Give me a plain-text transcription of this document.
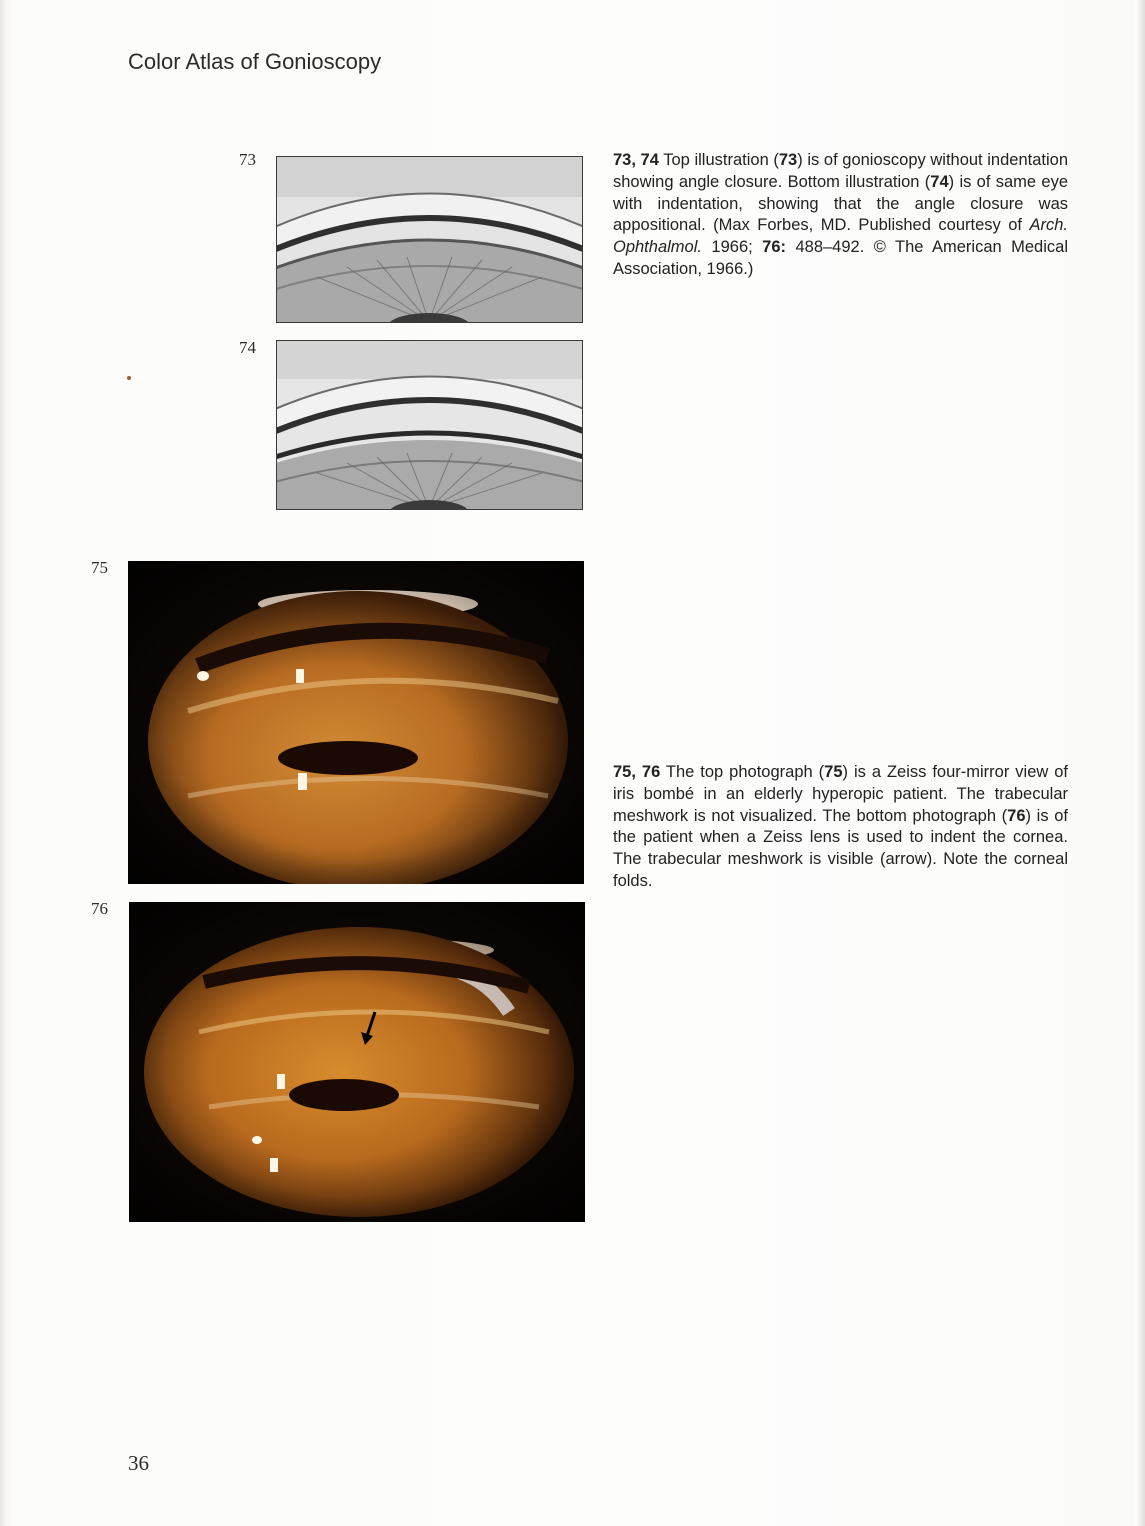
Color Atlas of Gonioscopy
73
74
73, 74 Top illustration (73) is of gonioscopy without indentation showing angle closure. Bottom illustration (74) is of same eye with indentation, showing that the angle closure was appositional. (Max Forbes, MD. Published courtesy of Arch. Ophthalmol. 1966; 76: 488–492. © The American Medical Association, 1966.)
75
75, 76 The top photograph (75) is a Zeiss four-mirror view of iris bombé in an elderly hyperopic patient. The trabecular meshwork is not visualized. The bottom photograph (76) is of the patient when a Zeiss lens is used to indent the cornea. The trabecular meshwork is visible (arrow). Note the corneal folds.
76
36
